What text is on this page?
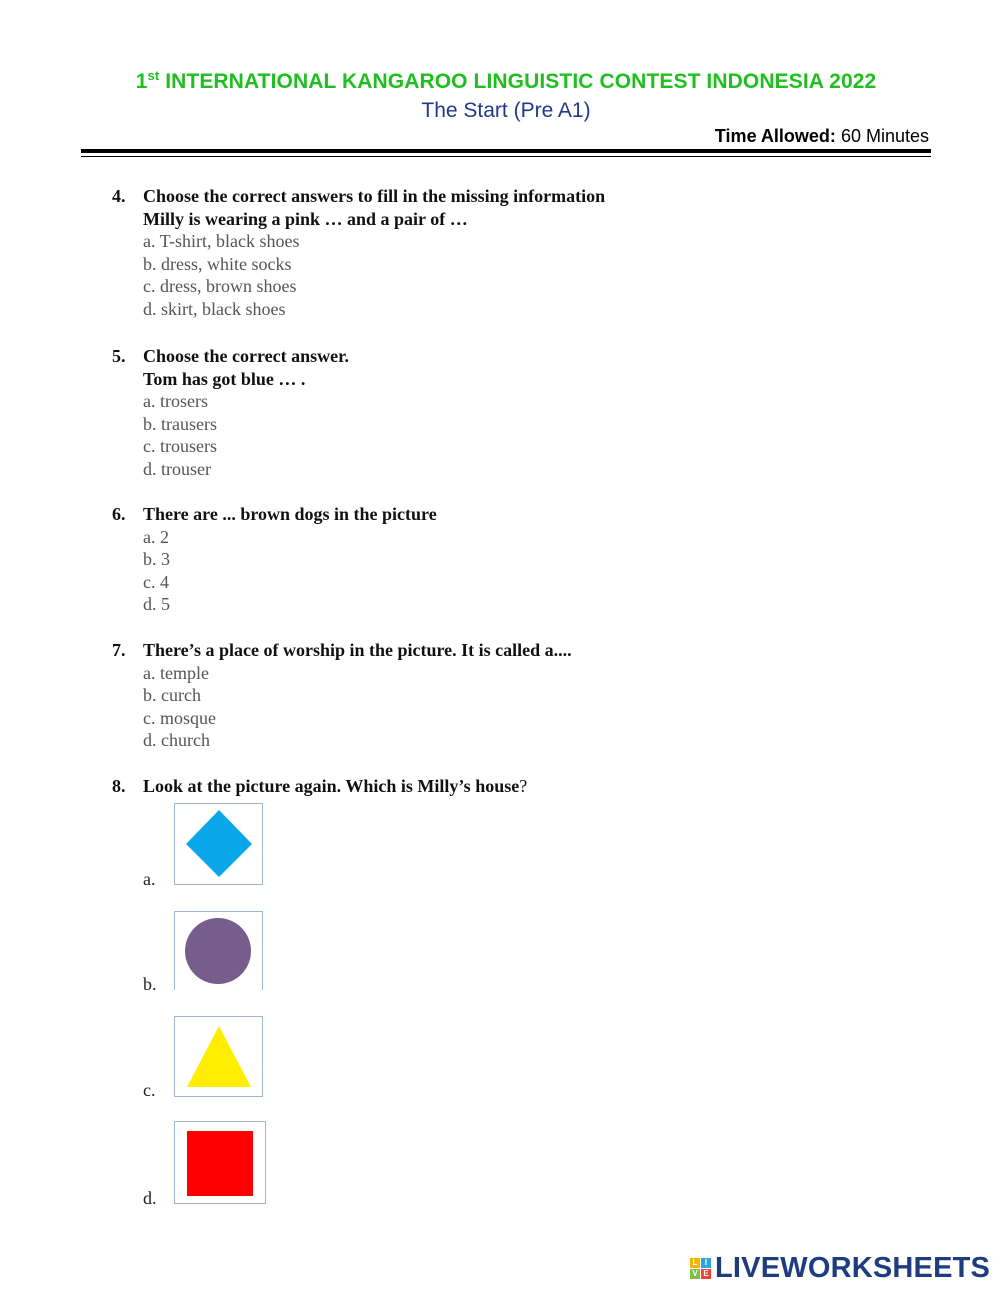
1st INTERNATIONAL KANGAROO LINGUISTIC CONTEST INDONESIA 2022
The Start (Pre A1)
Time Allowed: 60 Minutes
4. Choose the correct answers to fill in the missing information
Milly is wearing a pink … and a pair of …
a. T-shirt, black shoes
b. dress, white socks
c. dress, brown shoes
d. skirt, black shoes
5. Choose the correct answer.
Tom has got blue … .
a. trosers
b. trausers
c. trousers
d. trouser
6. There are ... brown dogs in the picture
a. 2
b. 3
c. 4
d. 5
7. There’s a place of worship in the picture. It is called a....
a. temple
b. curch
c. mosque
d. church
8. Look at the picture again. Which is Milly’s house?
a.
b.
c.
d.
L I
V E LIVEWORKSHEETS
